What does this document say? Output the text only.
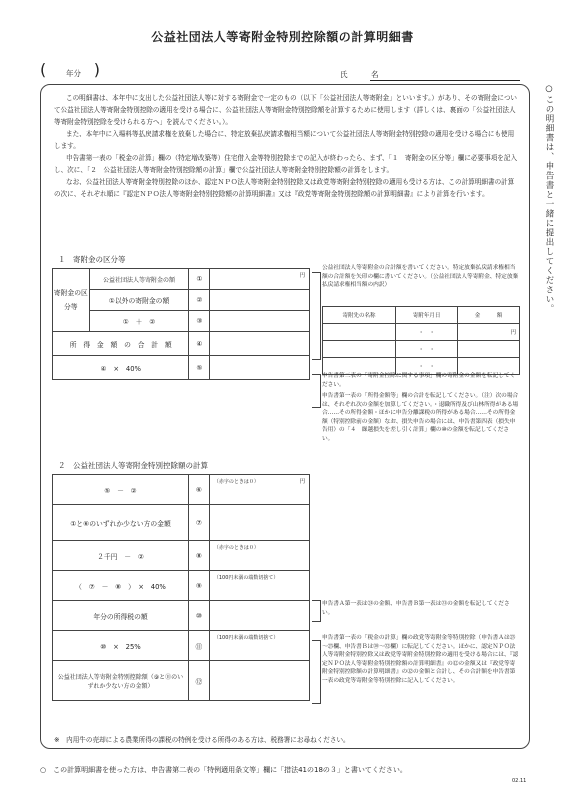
公益社団法人等寄附金特別控除額の計算明細書
(	年分 )	氏　名

この明細書は、本年中に支出した公益社団法人等に対する寄附金で一定のもの（以下「公益社団法人等寄附金」といいます。）があり、その寄附金について公益社団法人等寄附金特別控除の適用を受ける場合に、公益社団法人等寄附金特別控除額を計算するために使用します（詳しくは、裏面の「公益社団法人等寄附金特別控除を受けられる方へ」を読んでください。）。

また、本年中に入場料等払戻請求権を放棄した場合に、特定放棄払戻請求権相当額について公益社団法人等寄附金特別控除の適用を受ける場合にも使用します。

申告書第一表の「税金の計算」欄の（特定増改築等）住宅借入金等特別控除までの記入が終わったら、まず、「１　寄附金の区分等」欄に必要事項を記入し、次に、「２　公益社団法人等寄附金特別控除額の計算」欄で公益社団法人等寄附金特別控除額の計算をします。

なお、公益社団法人等寄附金特別控除のほか、認定ＮＰＯ法人等寄附金特別控除又は政党等寄附金特別控除の適用も受ける方は、この計算明細書の計算の次に、それぞれ順に『認定ＮＰＯ法人等寄附金特別控除額の計算明細書』又は『政党等寄附金特別控除額の計算明細書』により計算を行います。

１　寄附金の区分等
寄附金の区分等	公益社団法人等寄附金の額	①	円

	①以外の寄附金の額	②	
	①　＋　②	③	
所　得　金　額　の　合　計　額		④	
④　×　40%		⑤	
公益社団法人等寄附金の合計額を書いてください。特定放棄払戻請求権相当額の合計額を矢印の欄に書いてください。（公益社団法人等寄附金、特定放棄払戻請求権相当額の内訳）
寄附先の名称	寄附年月日	金　　　額
	・　・	円
	・　・	
	・　・	
申告書第二表の「寄附金控除に関する事項」欄の寄附金の金額を転記してください。
申告書第一表の「所得金額等」欄の合計を転記してください。（注）次の場合は、それぞれ次の金額を加算してください。・退職所得及び山林所得がある場合……その所得金額・ほかに申告分離課税の所得がある場合……その所得金額（特別控除前の金額）なお、損失申告の場合には、申告書第四表（損失申告用）の「４　繰越損失を差し引く計算」欄の⑩の金額を転記してください。
２　公益社団法人等寄附金特別控除額の計算
⑤　－　②	⑥	（赤字のときは０） 円

①と⑥のいずれか少ない方の金額	⑦	
２千円　－　②	⑧	（赤字のときは０）

（　⑦　－　⑧　）　×　40%	⑨	（100円未満の端数切捨て）

年分の所得税の額	⑩	
⑩　×　25%	⑪	（100円未満の端数切捨て）

公益社団法人等寄附金特別控除額（⑨と⑪のいずれか少ない方の金額）	⑫	
申告書Ａ第一表は㉔の金額、申告書Ｂ第一表は㉛の金額を転記してください。
申告書第一表の「税金の計算」欄の政党等寄附金等特別控除（申告書Ａは㉓～㉕欄、申告書Ｂは㉚～㉜欄）に転記してください。ほかに、認定ＮＰＯ法人等寄附金特別控除又は政党等寄附金特別控除の適用を受ける場合には、『認定ＮＰＯ法人等寄附金特別控除額の計算明細書』の⑫の金額又は『政党等寄附金特別控除額の計算明細書』の⑫の金額と合計し、その合計額を申告書第一表の政党等寄附金等特別控除に記入してください。
※　内用牛の売却による農業所得の課税の特例を受ける所得のある方は、税務署にお尋ねください。
○この明細書は、申告書と一緒に提出してください。
○　この計算明細書を使った方は、申告書第二表の「特例適用条文等」欄に「措法41の18の３」と書いてください。
02.11
